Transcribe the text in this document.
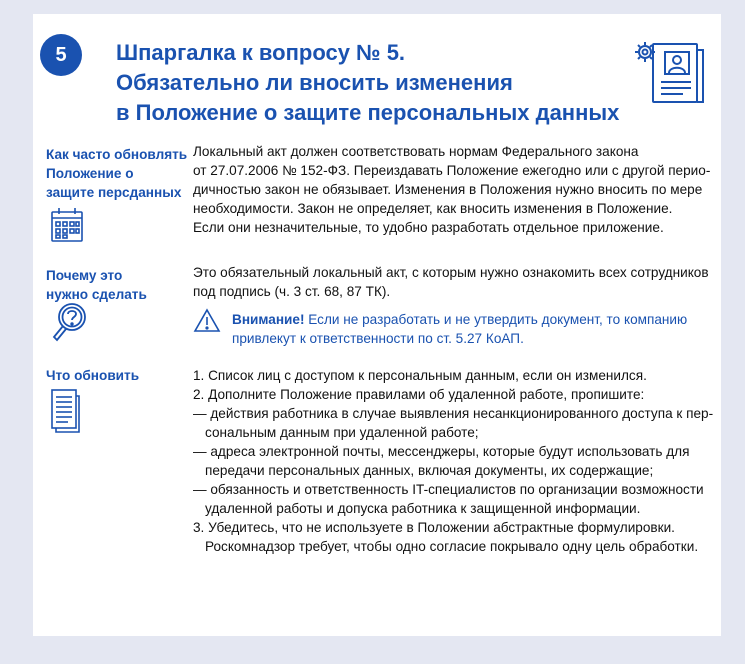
5	Шпаргалка к вопросу № 5.
Обязательно ли вносить изменения
в Положение о защите персональных данных
Как часто обновлять
Положение о
защите персданных
Локальный акт должен соответствовать нормам Федерального закона
от 27.07.2006 № 152-ФЗ. Переиздавать Положение ежегодно или с другой перио-
дичностью закон не обязывает. Изменения в Положения нужно вносить по мере
необходимости. Закон не определяет, как вносить изменения в Положение.
Если они незначительные, то удобно разработать отдельное приложение.
Почему это
нужно сделать
Это обязательный локальный акт, с которым нужно ознакомить всех сотрудников
под подпись (ч. 3 ст. 68, 87 ТК).
Внимание! Если не разработать и не утвердить документ, то компанию
привлекут к ответственности по ст. 5.27 КоАП.
Что обновить	1. Список лиц с доступом к персональным данным, если он изменился.
2. Дополните Положение правилами об удаленной работе, пропишите:
— действия работника в случае выявления несанкционированного доступа к пер-
сональным данным при удаленной работе;
— адреса электронной почты, мессенджеры, которые будут использовать для
передачи персональных данных, включая документы, их содержащие;
— обязанность и ответственность IT-специалистов по организации возможности
удаленной работы и допуска работника к защищенной информации.
3. Убедитесь, что не используете в Положении абстрактные формулировки.
Роскомнадзор требует, чтобы одно согласие покрывало одну цель обработки.
